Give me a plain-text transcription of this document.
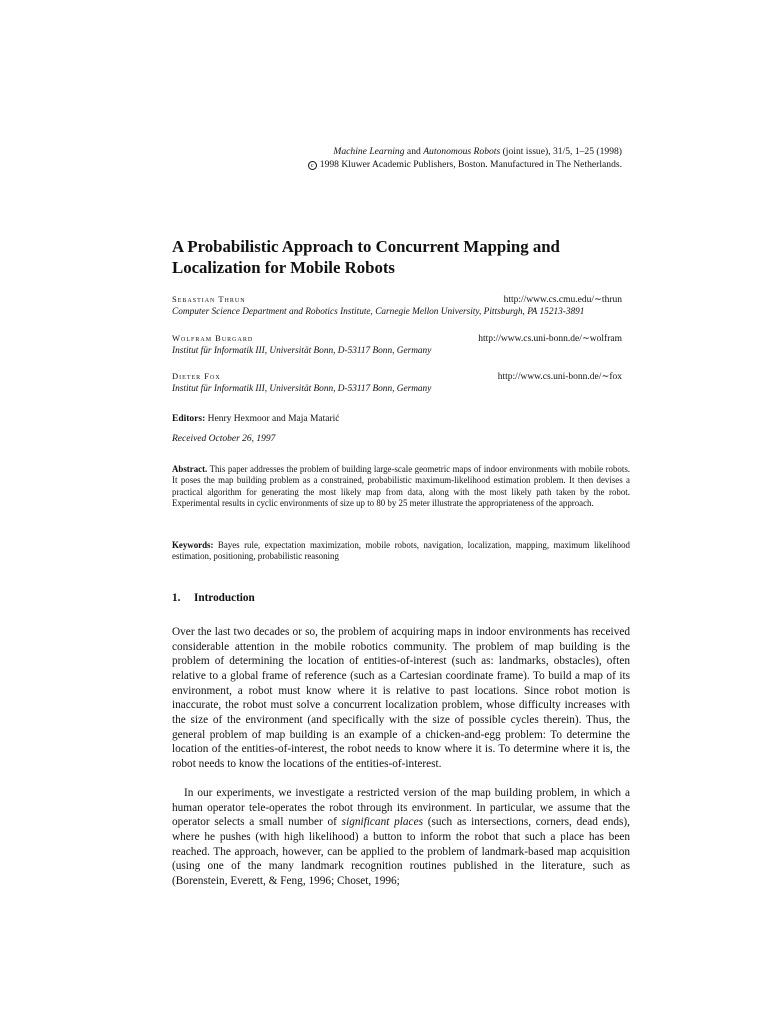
Machine Learning and Autonomous Robots (joint issue), 31/5, 1–25 (1998)
c 1998 Kluwer Academic Publishers, Boston. Manufactured in The Netherlands.
A Probabilistic Approach to Concurrent Mapping and Localization for Mobile Robots
Sebastian Thrun	http://www.cs.cmu.edu/∼thrun
Computer Science Department and Robotics Institute, Carnegie Mellon University, Pittsburgh, PA 15213-3891
Wolfram Burgard	http://www.cs.uni-bonn.de/∼wolfram
Institut für Informatik III, Universität Bonn, D-53117 Bonn, Germany
Dieter Fox	http://www.cs.uni-bonn.de/∼fox
Institut für Informatik III, Universität Bonn, D-53117 Bonn, Germany
Editors: Henry Hexmoor and Maja Matarić
Received October 26, 1997

Abstract. This paper addresses the problem of building large-scale geometric maps of indoor environments with mobile robots. It poses the map building problem as a constrained, probabilistic maximum-likelihood estimation problem. It then devises a practical algorithm for generating the most likely map from data, along with the most likely path taken by the robot. Experimental results in cyclic environments of size up to 80 by 25 meter illustrate the appropriateness of the approach.

Keywords: Bayes rule, expectation maximization, mobile robots, navigation, localization, mapping, maximum likelihood estimation, positioning, probabilistic reasoning

1. Introduction

Over the last two decades or so, the problem of acquiring maps in indoor environments has received considerable attention in the mobile robotics community. The problem of map building is the problem of determining the location of entities-of-interest (such as: landmarks, obstacles), often relative to a global frame of reference (such as a Cartesian coordinate frame). To build a map of its environment, a robot must know where it is relative to past locations. Since robot motion is inaccurate, the robot must solve a concurrent localization problem, whose difficulty increases with the size of the environment (and specifically with the size of possible cycles therein). Thus, the general problem of map building is an example of a chicken-and-egg problem: To determine the location of the entities-of-interest, the robot needs to know where it is. To determine where it is, the robot needs to know the locations of the entities-of-interest.

In our experiments, we investigate a restricted version of the map building problem, in which a human operator tele-operates the robot through its environment. In particular, we assume that the operator selects a small number of significant places (such as intersections, corners, dead ends), where he pushes (with high likelihood) a button to inform the robot that such a place has been reached. The approach, however, can be applied to the problem of landmark-based map acquisition (using one of the many landmark recognition routines published in the literature, such as (Borenstein, Everett, & Feng, 1996; Choset, 1996;
